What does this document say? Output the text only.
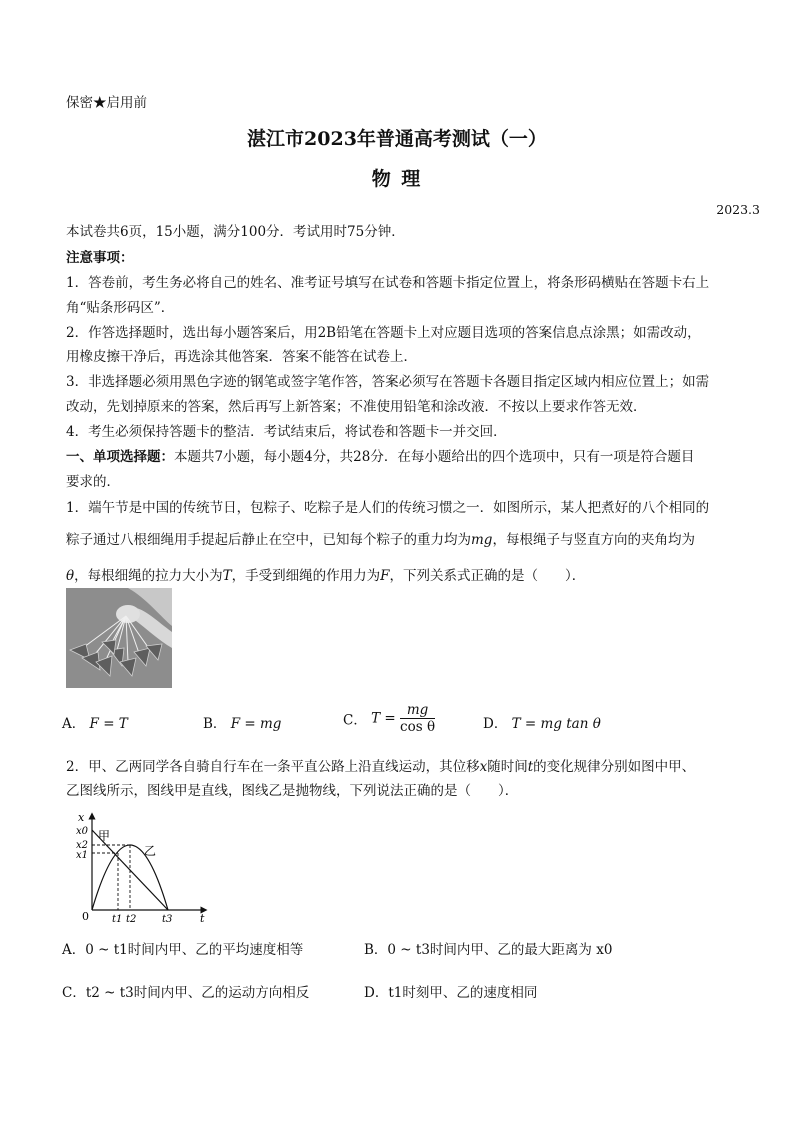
保密★启用前
湛江市2023年普通高考测试（一）
物 理
2023.3
本试卷共6页，15小题，满分100分．考试用时75分钟．
注意事项：
1．答卷前，考生务必将自己的姓名、准考证号填写在试卷和答题卡指定位置上，将条形码横贴在答题卡右上
角“贴条形码区”．
2．作答选择题时，选出每小题答案后，用2B铅笔在答题卡上对应题目选项的答案信息点涂黑；如需改动，
用橡皮擦干净后，再选涂其他答案．答案不能答在试卷上．
3．非选择题必须用黑色字迹的钢笔或签字笔作答，答案必须写在答题卡各题目指定区域内相应位置上；如需
改动，先划掉原来的答案，然后再写上新答案；不准使用铅笔和涂改液．不按以上要求作答无效．
4．考生必须保持答题卡的整洁．考试结束后，将试卷和答题卡一并交回．
一、单项选择题：本题共7小题，每小题4分，共28分．在每小题给出的四个选项中，只有一项是符合题目
要求的．
1．端午节是中国的传统节日，包粽子、吃粽子是人们的传统习惯之一．如图所示，某人把煮好的八个相同的
粽子通过八根细绳用手提起后静止在空中，已知每个粽子的重力均为mg，每根绳子与竖直方向的夹角均为
θ，每根细绳的拉力大小为T，手受到细绳的作用力为F，下列关系式正确的是（　　）．
A． F = T	B． F = mg	C． $T = \frac{mg}{\text{cos θ}}$	D． T = mg tan θ
2．甲、乙两同学各自骑自行车在一条平直公路上沿直线运动，其位移x随时间t的变化规律分别如图中甲、
乙图线所示，图线甲是直线，图线乙是抛物线，下列说法正确的是（　　）．
x
t
0
x0
x2
x1
t1 t2	t3
甲
乙
A．0 ~ t1时间内甲、乙的平均速度相等	B．0 ~ t3时间内甲、乙的最大距离为 x0
C．t2 ~ t3时间内甲、乙的运动方向相反	D．t1时刻甲、乙的速度相同
